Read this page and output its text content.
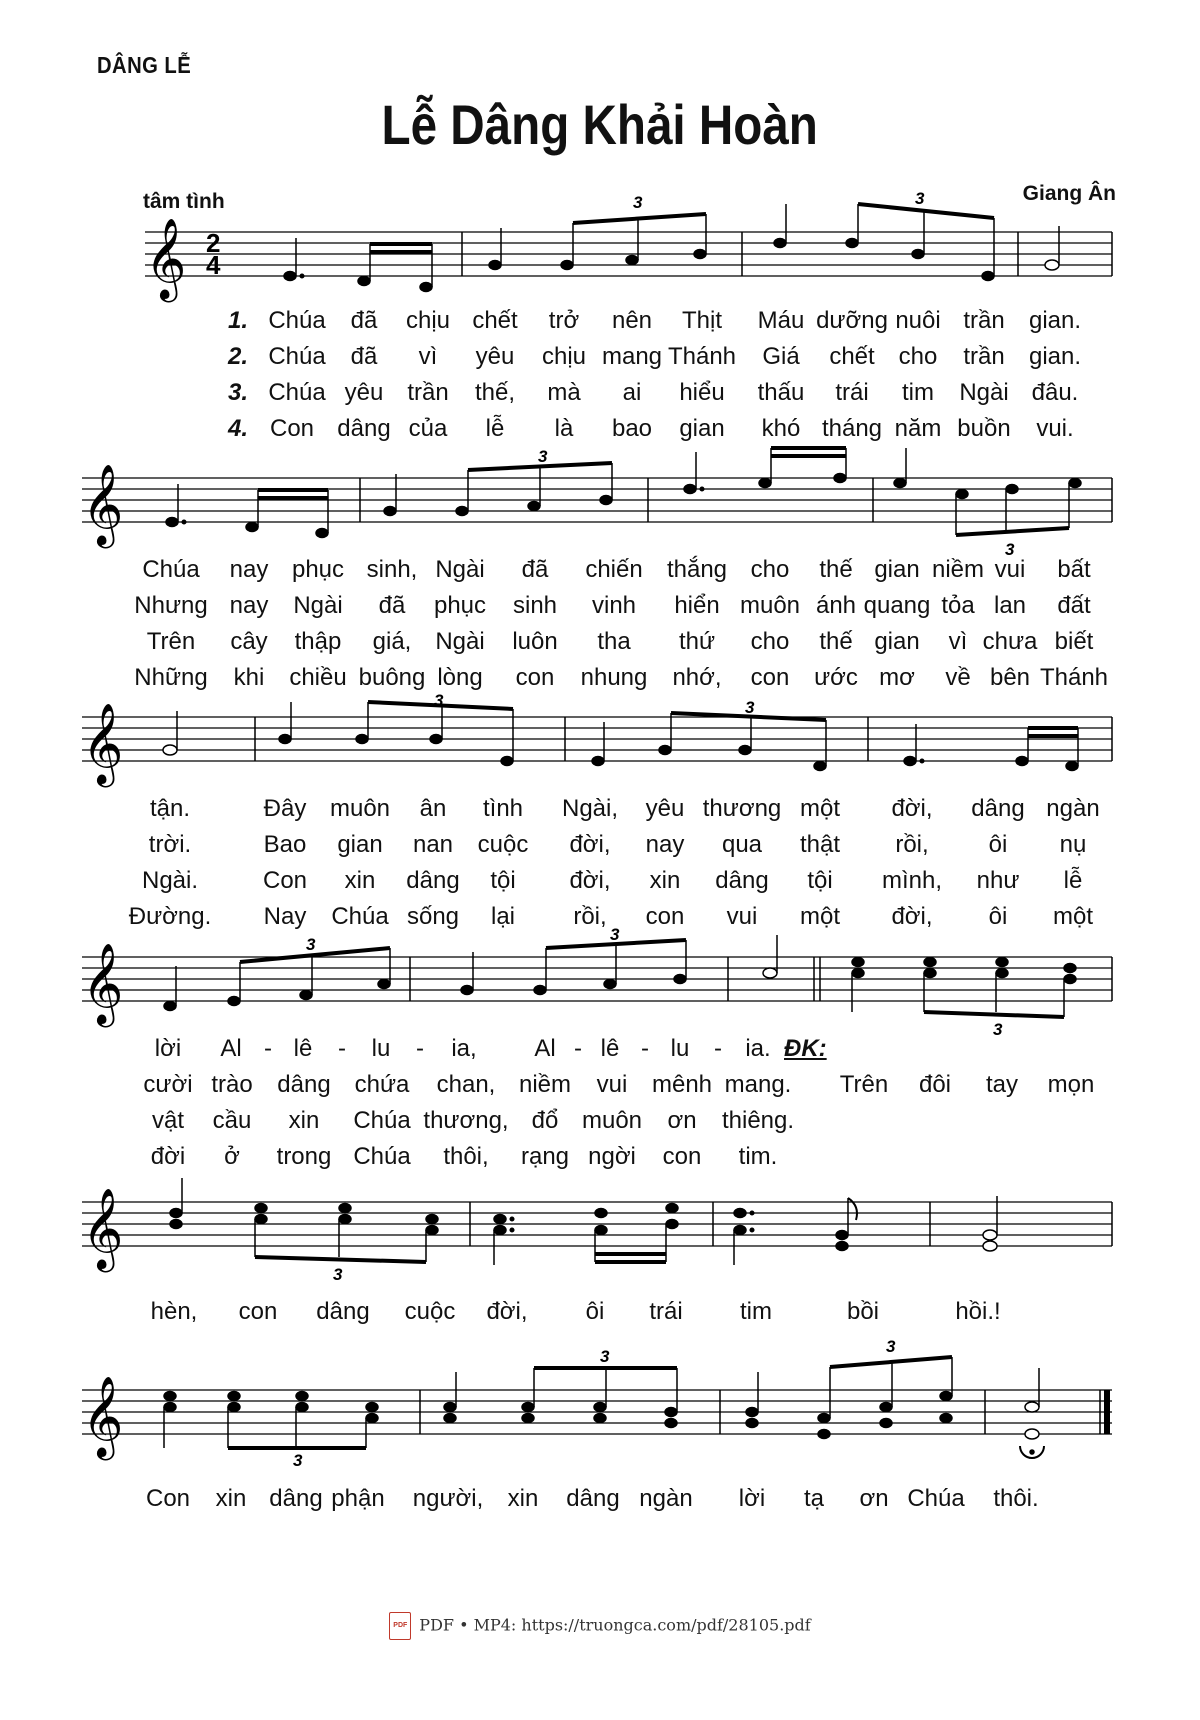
DÂNG LỄ
Lễ Dâng Khải Hoàn
tâm tình	Giang Ân
𝄞 2
4
3	3
1. Chúa đã chịu chết trở nên Thịt Máu dưỡng nuôi trần gian.
2. Chúa đã vì yêu chịu mang Thánh Giá chết cho trần gian.
3. Chúa yêu trần thế, mà ai hiểu thấu trái tim Ngài đâu.
4. Con dâng của lễ là bao gian khó tháng năm buồn vui.
𝄞
3
3
Chúa nay phục sinh, Ngài đã chiến thắng cho thế gian niềm vui bất
Nhưng nay Ngài đã phục sinh vinh hiển muôn ánh quang tỏa lan đất
Trên cây thập giá, Ngài luôn tha thứ cho thế gian vì chưa biết
Những khi chiều buông lòng con nhung nhớ, con ước mơ về bên Thánh
𝄞
3	3
tận.	Đây muôn ân tình Ngài, yêu thương một đời, dâng ngàn
trời.	Bao gian nan cuộc đời, nay qua thật rồi, ôi nụ
Ngài.	Con xin dâng tội đời, xin dâng tội mình, như lễ
Đường. Nay Chúa sống lại rồi, con vui một đời, ôi một
𝄞	3
3
3
lời Al - lê - lu - ia, Al - lê - lu - ia. ĐK:
cười trào dâng chứa chan, niềm vui mênh mang. Trên đôi tay mọn
vật cầu xin Chúa thương, đổ muôn ơn thiêng.
đời ở trong Chúa thôi, rạng ngời con tim.
𝄞
3
hèn, con dâng cuộc đời, ôi trái tim	bồi	hồi.!
𝄞
3
3
3
Con xin dâng phận người, xin dâng ngàn lời tạ ơn Chúa thôi.
PDF PDF • MP4: https://truongca.com/pdf/28105.pdf
